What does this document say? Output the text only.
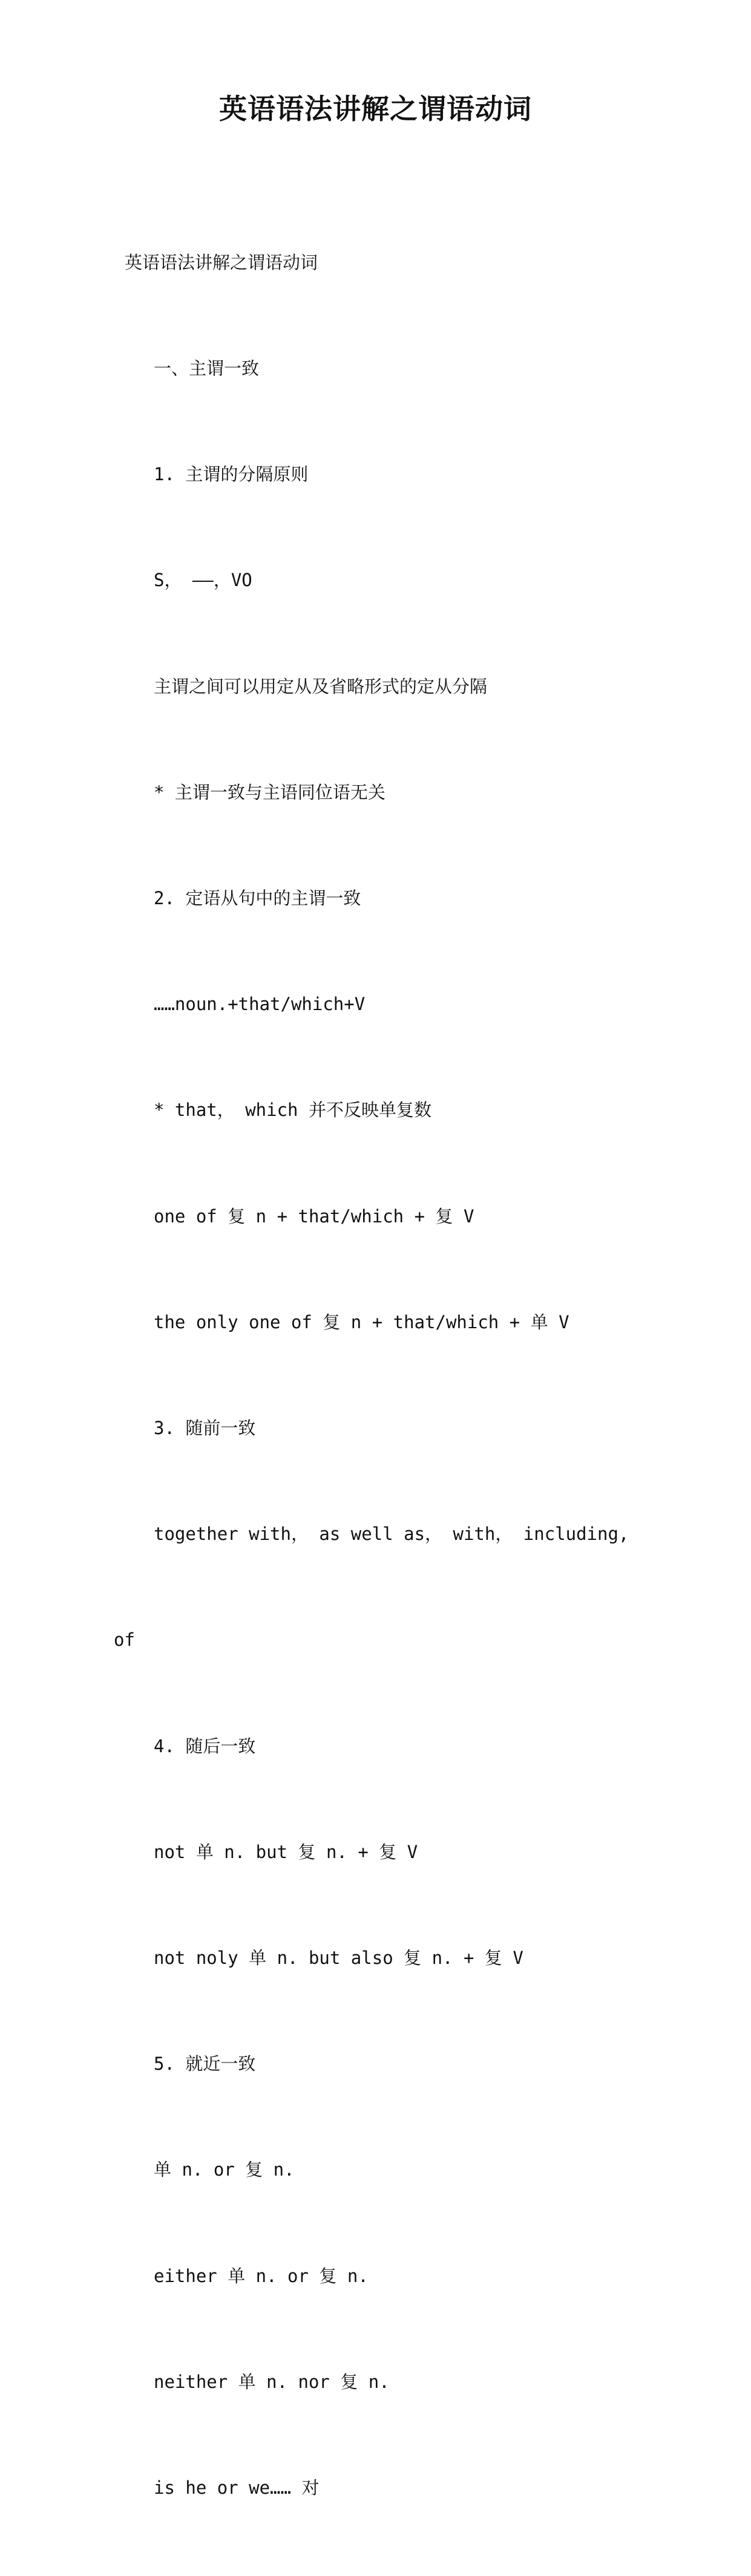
英语语法讲解之谓语动词

英语语法讲解之谓语动词

一、主谓一致

1. 主谓的分隔原则

S， ——，VO

主谓之间可以用定从及省略形式的定从分隔

* 主谓一致与主语同位语无关

2. 定语从句中的主谓一致

……noun.+that/which+V

* that， which 并不反映单复数

one of 复 n + that/which + 复 V

the only one of 复 n + that/which + 单 V

3. 随前一致

together with， as well as， with， including,

of

4. 随后一致

not 单 n. but 复 n. + 复 V

not noly 单 n. but also 复 n. + 复 V

5. 就近一致

单 n. or 复 n.

either 单 n. or 复 n.

neither 单 n. nor 复 n.

is he or we…… 对
